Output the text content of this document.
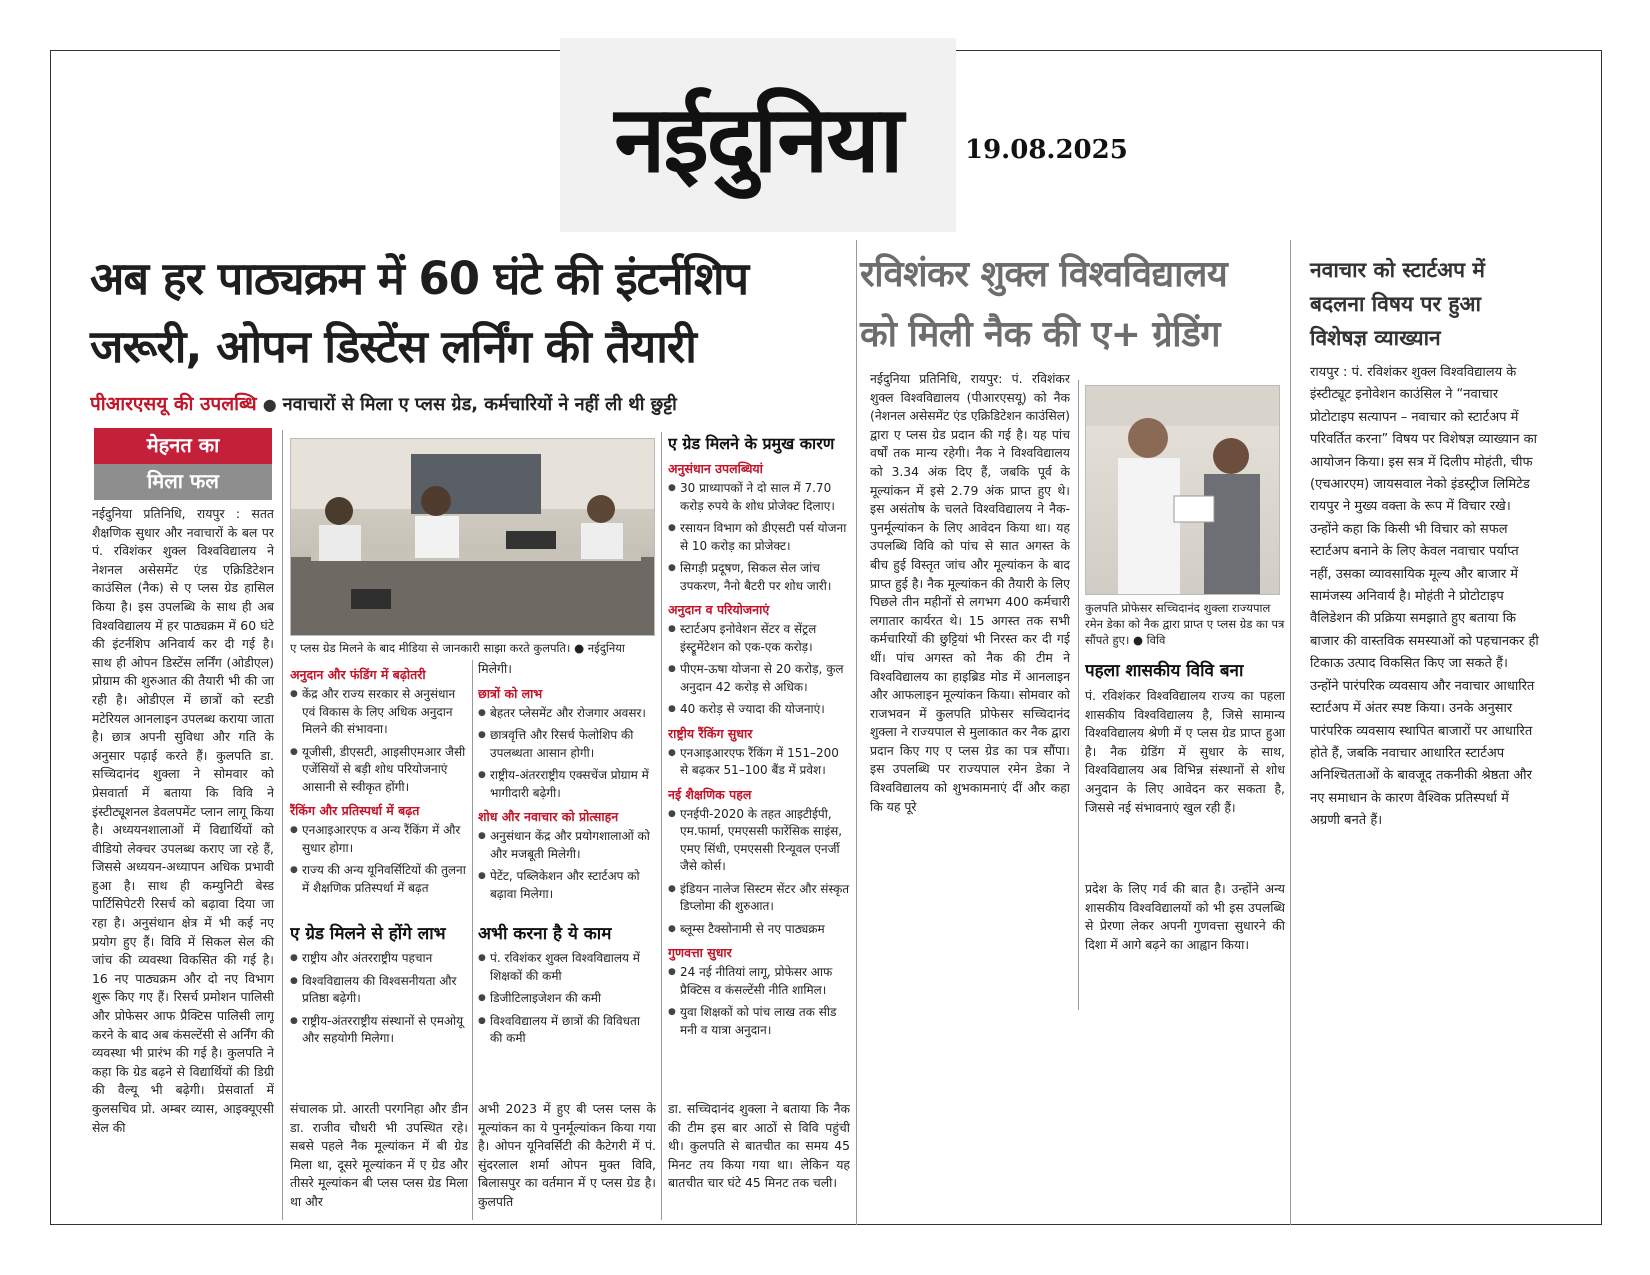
नईदुनिया 19.08.2025
अब हर पाठ्यक्रम में 60 घंटे की इंटर्नशिप
जरूरी, ओपन डिस्टेंस लर्निंग की तैयारी
पीआरएसयू की उपलब्धि ● नवाचारों से मिला ए प्लस ग्रेड, कर्मचारियों ने नहीं ली थी छुट्टी
मेहनत का
मिला फल
नईदुनिया प्रतिनिधि, रायपुर : सतत शैक्षणिक सुधार और नवाचारों के बल पर पं. रविशंकर शुक्ल विश्वविद्यालय ने नेशनल असेसमेंट एंड एक्रिडिटेशन काउंसिल (नैक) से ए प्लस ग्रेड हासिल किया है। इस उपलब्धि के साथ ही अब विश्वविद्यालय में हर पाठ्यक्रम में 60 घंटे की इंटर्नशिप अनिवार्य कर दी गई है। साथ ही ओपन डिस्टेंस लर्निंग (ओडीएल) प्रोग्राम की शुरुआत की तैयारी भी की जा रही है। ओडीएल में छात्रों को स्टडी मटेरियल आनलाइन उपलब्ध कराया जाता है। छात्र अपनी सुविधा और गति के अनुसार पढ़ाई करते हैं। कुलपति डा. सच्चिदानंद शुक्ला ने सोमवार को प्रेसवार्ता में बताया कि विवि ने इंस्टीट्यूशनल डेवलपमेंट प्लान लागू किया है। अध्ययनशालाओं में विद्यार्थियों को वीडियो लेक्चर उपलब्ध कराए जा रहे हैं, जिससे अध्ययन-अध्यापन अधिक प्रभावी हुआ है। साथ ही कम्युनिटी बेस्ड पार्टिसिपेटरी रिसर्च को बढ़ावा दिया जा रहा है। अनुसंधान क्षेत्र में भी कई नए प्रयोग हुए हैं। विवि में सिकल सेल की जांच की व्यवस्था विकसित की गई है। 16 नए पाठ्यक्रम और दो नए विभाग शुरू किए गए हैं। रिसर्च प्रमोशन पालिसी और प्रोफेसर आफ प्रैक्टिस पालिसी लागू करने के बाद अब कंसल्टेंसी से अर्निंग की व्यवस्था भी प्रारंभ की गई है। कुलपति ने कहा कि ग्रेड बढ़ने से विद्यार्थियों की डिग्री की वैल्यू भी बढ़ेगी। प्रेसवार्ता में कुलसचिव प्रो. अम्बर व्यास, आइक्यूएसी सेल की
ए प्लस ग्रेड मिलने के बाद मीडिया से जानकारी साझा करते कुलपति। ● नईदुनिया
अनुदान और फंडिंग में बढ़ोतरी
● केंद्र और राज्य सरकार से अनुसंधान एवं विकास के लिए अधिक अनुदान मिलने की संभावना।
● यूजीसी, डीएसटी, आइसीएमआर जैसी एजेंसियों से बड़ी शोध परियोजनाएं आसानी से स्वीकृत होंगी।
रैंकिंग और प्रतिस्पर्धा में बढ़त
● एनआइआरएफ व अन्य रैंकिंग में और सुधार होगा।
● राज्य की अन्य यूनिवर्सिटियों की तुलना में शैक्षणिक प्रतिस्पर्धा में बढ़त
मिलेगी।
छात्रों को लाभ
● बेहतर प्लेसमेंट और रोजगार अवसर।
● छात्रवृत्ति और रिसर्च फेलोशिप की उपलब्धता आसान होगी।
● राष्ट्रीय-अंतरराष्ट्रीय एक्सचेंज प्रोग्राम में भागीदारी बढ़ेगी।
शोध और नवाचार को प्रोत्साहन
● अनुसंधान केंद्र और प्रयोगशालाओं को और मजबूती मिलेगी।
● पेटेंट, पब्लिकेशन और स्टार्टअप को बढ़ावा मिलेगा।
ए ग्रेड मिलने से होंगे लाभ
● राष्ट्रीय और अंतरराष्ट्रीय पहचान
● विश्वविद्यालय की विश्वसनीयता और प्रतिष्ठा बढ़ेगी।
● राष्ट्रीय-अंतरराष्ट्रीय संस्थानों से एमओयू और सहयोगी मिलेगा।
अभी करना है ये काम
● पं. रविशंकर शुक्ल विश्वविद्यालय में शिक्षकों की कमी
● डिजीटिलाइजेशन की कमी
● विश्वविद्यालय में छात्रों की विविधता की कमी
ए ग्रेड मिलने के प्रमुख कारण
अनुसंधान उपलब्धियां
● 30 प्राध्यापकों ने दो साल में 7.70 करोड़ रुपये के शोध प्रोजेक्ट दिलाए।
● रसायन विभाग को डीएसटी पर्स योजना से 10 करोड़ का प्रोजेक्ट।
● सिगड़ी प्रदूषण, सिकल सेल जांच उपकरण, नैनो बैटरी पर शोध जारी।
अनुदान व परियोजनाएं
● स्टार्टअप इनोवेशन सेंटर व सेंट्रल इंस्ट्रूमेंटेशन को एक-एक करोड़।
● पीएम-ऊषा योजना से 20 करोड़, कुल अनुदान 42 करोड़ से अधिक।
● 40 करोड़ से ज्यादा की योजनाएं।
राष्ट्रीय रैंकिंग सुधार
● एनआइआरएफ रैंकिंग में 151–200 से बढ़कर 51–100 बैंड में प्रवेश।
नई शैक्षणिक पहल
● एनईपी-2020 के तहत आइटीईपी, एम.फार्मा, एमएससी फारेंसिक साइंस, एमए सिंधी, एमएससी रिन्यूवल एनर्जी जैसे कोर्स।
● इंडियन नालेज सिस्टम सेंटर और संस्कृत डिप्लोमा की शुरुआत।
● ब्लूम्स टैक्सोनामी से नए पाठ्यक्रम
गुणवत्ता सुधार
● 24 नई नीतियां लागू, प्रोफेसर आफ प्रैक्टिस व कंसल्टेंसी नीति शामिल।
● युवा शिक्षकों को पांच लाख तक सीड मनी व यात्रा अनुदान।
संचालक प्रो. आरती परगनिहा और डीन डा. राजीव चौधरी भी उपस्थित रहे। सबसे पहले नैक मूल्यांकन में बी ग्रेड मिला था, दूसरे मूल्यांकन में ए ग्रेड और तीसरे मूल्यांकन बी प्लस प्लस ग्रेड मिला था और
अभी 2023 में हुए बी प्लस प्लस के मूल्यांकन का ये पुनर्मूल्यांकन किया गया है। ओपन यूनिवर्सिटी की कैटेगरी में पं. सुंदरलाल शर्मा ओपन मुक्त विवि, बिलासपुर का वर्तमान में ए प्लस ग्रेड है। कुलपति
डा. सच्चिदानंद शुक्ला ने बताया कि नैक की टीम इस बार आठों से विवि पहुंची थी। कुलपति से बातचीत का समय 45 मिनट तय किया गया था। लेकिन यह बातचीत चार घंटे 45 मिनट तक चली।
रविशंकर शुक्ल विश्वविद्यालय
को मिली नैक की ए+ ग्रेडिंग
नईदुनिया प्रतिनिधि, रायपुर: पं. रविशंकर शुक्ल विश्वविद्यालय (पीआरएसयू) को नैक (नेशनल असेसमेंट एंड एक्रिडिटेशन काउंसिल) द्वारा ए प्लस ग्रेड प्रदान की गई है। यह पांच वर्षों तक मान्य रहेगी। नैक ने विश्वविद्यालय को 3.34 अंक दिए हैं, जबकि पूर्व के मूल्यांकन में इसे 2.79 अंक प्राप्त हुए थे। इस असंतोष के चलते विश्वविद्यालय ने नैक-पुनर्मूल्यांकन के लिए आवेदन किया था। यह उपलब्धि विवि को पांच से सात अगस्त के बीच हुई विस्तृत जांच और मूल्यांकन के बाद प्राप्त हुई है। नैक मूल्यांकन की तैयारी के लिए पिछले तीन महीनों से लगभग 400 कर्मचारी लगातार कार्यरत थे। 15 अगस्त तक सभी कर्मचारियों की छुट्टियां भी निरस्त कर दी गई थीं। पांच अगस्त को नैक की टीम ने विश्वविद्यालय का हाइब्रिड मोड में आनलाइन और आफलाइन मूल्यांकन किया। सोमवार को राजभवन में कुलपति प्रोफेसर सच्चिदानंद शुक्ला ने राज्यपाल से मुलाकात कर नैक द्वारा प्रदान किए गए ए प्लस ग्रेड का पत्र सौंपा। इस उपलब्धि पर राज्यपाल रमेन डेका ने विश्वविद्यालय को शुभकामनाएं दीं और कहा कि यह पूरे
कुलपति प्रोफेसर सच्चिदानंद शुक्ला राज्यपाल रमेन डेका को नैक द्वारा प्राप्त ए प्लस ग्रेड का पत्र सौंपते हुए। ● विवि
पहला शासकीय विवि बना
पं. रविशंकर विश्वविद्यालय राज्य का पहला शासकीय विश्वविद्यालय है, जिसे सामान्य विश्वविद्यालय श्रेणी में ए प्लस ग्रेड प्राप्त हुआ है। नैक ग्रेडिंग में सुधार के साथ, विश्वविद्यालय अब विभिन्न संस्थानों से शोध अनुदान के लिए आवेदन कर सकता है, जिससे नई संभावनाएं खुल रही हैं।
प्रदेश के लिए गर्व की बात है। उन्होंने अन्य शासकीय विश्वविद्यालयों को भी इस उपलब्धि से प्रेरणा लेकर अपनी गुणवत्ता सुधारने की दिशा में आगे बढ़ने का आह्वान किया।
नवाचार को स्टार्टअप में
बदलना विषय पर हुआ
विशेषज्ञ व्याख्यान
रायपुर : पं. रविशंकर शुक्ल विश्वविद्यालय के इंस्टीट्यूट इनोवेशन काउंसिल ने “नवाचार प्रोटोटाइप सत्यापन – नवाचार को स्टार्टअप में परिवर्तित करना” विषय पर विशेषज्ञ व्याख्यान का आयोजन किया। इस सत्र में दिलीप मोहंती, चीफ (एचआरएम) जायसवाल नेको इंडस्ट्रीज लिमिटेड रायपुर ने मुख्य वक्ता के रूप में विचार रखे। उन्होंने कहा कि किसी भी विचार को सफल स्टार्टअप बनाने के लिए केवल नवाचार पर्याप्त नहीं, उसका व्यावसायिक मूल्य और बाजार में सामंजस्य अनिवार्य है। मोहंती ने प्रोटोटाइप वैलिडेशन की प्रक्रिया समझाते हुए बताया कि बाजार की वास्तविक समस्याओं को पहचानकर ही टिकाऊ उत्पाद विकसित किए जा सकते हैं। उन्होंने पारंपरिक व्यवसाय और नवाचार आधारित स्टार्टअप में अंतर स्पष्ट किया। उनके अनुसार पारंपरिक व्यवसाय स्थापित बाजारों पर आधारित होते हैं, जबकि नवाचार आधारित स्टार्टअप अनिश्चितताओं के बावजूद तकनीकी श्रेष्ठता और नए समाधान के कारण वैश्विक प्रतिस्पर्धा में अग्रणी बनते हैं।
